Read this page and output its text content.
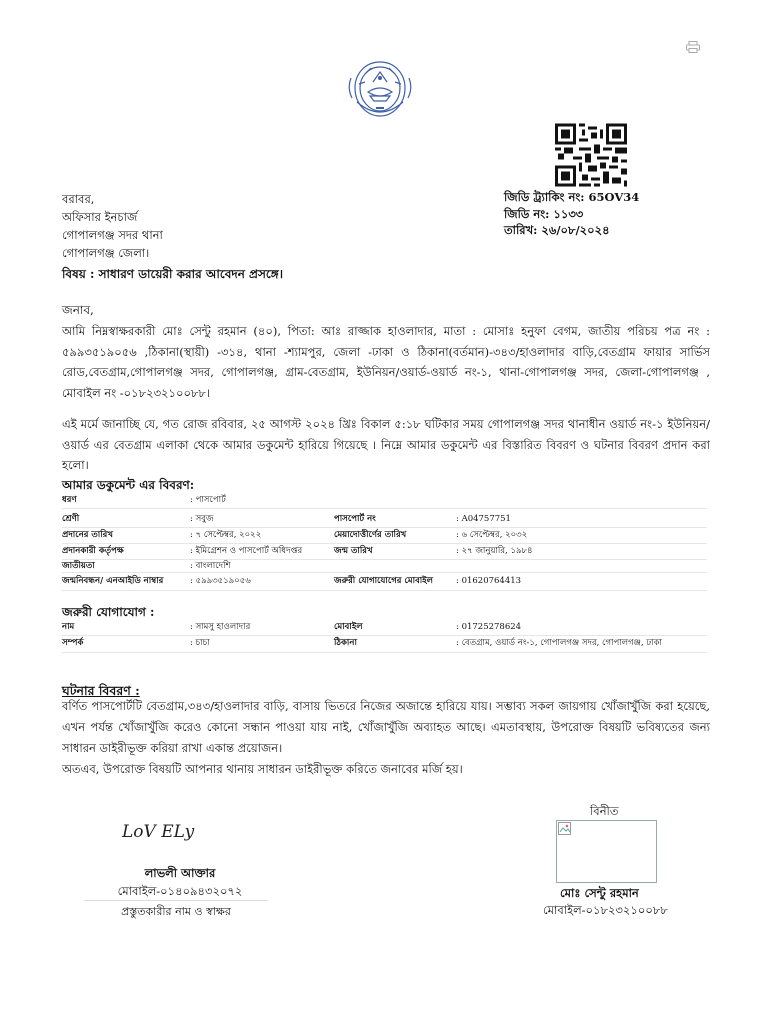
বরাবর,
অফিসার ইনচার্জ
গোপালগঞ্জ সদর থানা
গোপালগঞ্জ জেলা।
জিডি ট্র্যাকিং নং: 65OV34
জিডি নং: ১১৩৩
তারিখ: ২৬/০৮/২০২৪
বিষয় : সাধারণ ডায়েরী করার আবেদন প্রসঙ্গে।
জনাব,
আমি নিম্নস্বাক্ষরকারী মোঃ সেন্টু রহমান (৪০), পিতা: আঃ রাজ্জাক হাওলাদার, মাতা : মোসাঃ হনুফা বেগম, জাতীয় পরিচয় পত্র নং : ৫৯৯৩৫১৯০৫৬ ,ঠিকানা(স্থায়ী) -৩১৪, থানা -শ্যামপুর, জেলা -ঢাকা ও ঠিকানা(বর্তমান)-৩৪৩/হাওলাদার বাড়ি,বেতগ্রাম ফায়ার সার্ভিস রোড,বেতগ্রাম,গোপালগঞ্জ সদর, গোপালগঞ্জ, গ্রাম-বেতগ্রাম, ইউনিয়ন/ওয়ার্ড-ওয়ার্ড নং-১, থানা-গোপালগঞ্জ সদর, জেলা-গোপালগঞ্জ , মোবাইল নং -০১৮২৩২১০০৮৮।
এই মর্মে জানাচ্ছি যে, গত রোজ রবিবার, ২৫ আগস্ট ২০২৪ খ্রিঃ বিকাল ৫:১৮ ঘটিকার সময় গোপালগঞ্জ সদর থানাধীন ওয়ার্ড নং-১ ইউনিয়ন/ওয়ার্ড এর বেতগ্রাম এলাকা থেকে আমার ডকুমেন্ট হারিয়ে গিয়েছে । নিম্নে আমার ডকুমেন্ট এর বিস্তারিত বিবরণ ও ঘটনার বিবরণ প্রদান করা হলো।
আমার ডকুমেন্ট এর বিবরণ:
ধরণ	: পাসপোর্ট
শ্রেণী	: সবুজ	পাসপোর্ট নং	: A04757751
প্রদানের তারিখ	: ৭ সেপ্টেম্বর, ২০২২	মেয়াদোত্তীর্ণের তারিখ	: ৬ সেপ্টেম্বর, ২০৩২
প্রদানকারী কর্তৃপক্ষ	: ইমিগ্রেশন ও পাসপোর্ট অধিদপ্তর	জন্ম তারিখ	: ২৭ জানুয়ারি, ১৯৮৪
জাতীয়তা	: বাংলাদেশি
জন্মনিবন্ধন/ এনআইডি নাম্বার	: ৫৯৯৩৫১৯০৫৬	জরুরী যোগাযোগের মোবাইল	: 01620764413
জরুরী যোগাযোগ :
নাম	: সামসু হাওলাদার	মোবাইল	: 01725278624
সম্পর্ক	: চাচা	ঠিকানা	: বেতগ্রাম, ওয়ার্ড নং-১, গোপালগঞ্জ সদর, গোপালগঞ্জ, ঢাকা
ঘটনার বিবরণ :
বর্ণিত পাসপোর্টটি বেতগ্রাম,৩৪৩/হাওলাদার বাড়ি, বাসায় ভিতরে নিজের অজান্তে হারিয়ে যায়। সম্ভাব্য সকল জায়গায় খোঁজাখুঁজি করা হয়েছে, এখন পর্যন্ত খোঁজাখুঁজি করেও কোনো সন্ধান পাওয়া যায় নাই, খোঁজাখুঁজি অব্যাহত আছে। এমতাবস্থায়, উপরোক্ত বিষয়টি ভবিষ্যতের জন্য সাধারন ডাইরীভূক্ত করিয়া রাখা একান্ত প্রয়োজন।
অতএব, উপরোক্ত বিষয়টি আপনার থানায় সাধারন ডাইরীভূক্ত করিতে জনাবের মর্জি হয়।
LoV ELy
লাভলী আক্তার
মোবাইল-০১৪০৯৪৩২০৭২
প্রস্তুতকারীর নাম ও স্বাক্ষর
বিনীত
মোঃ সেন্টু রহমান
মোবাইল-০১৮২৩২১০০৮৮
